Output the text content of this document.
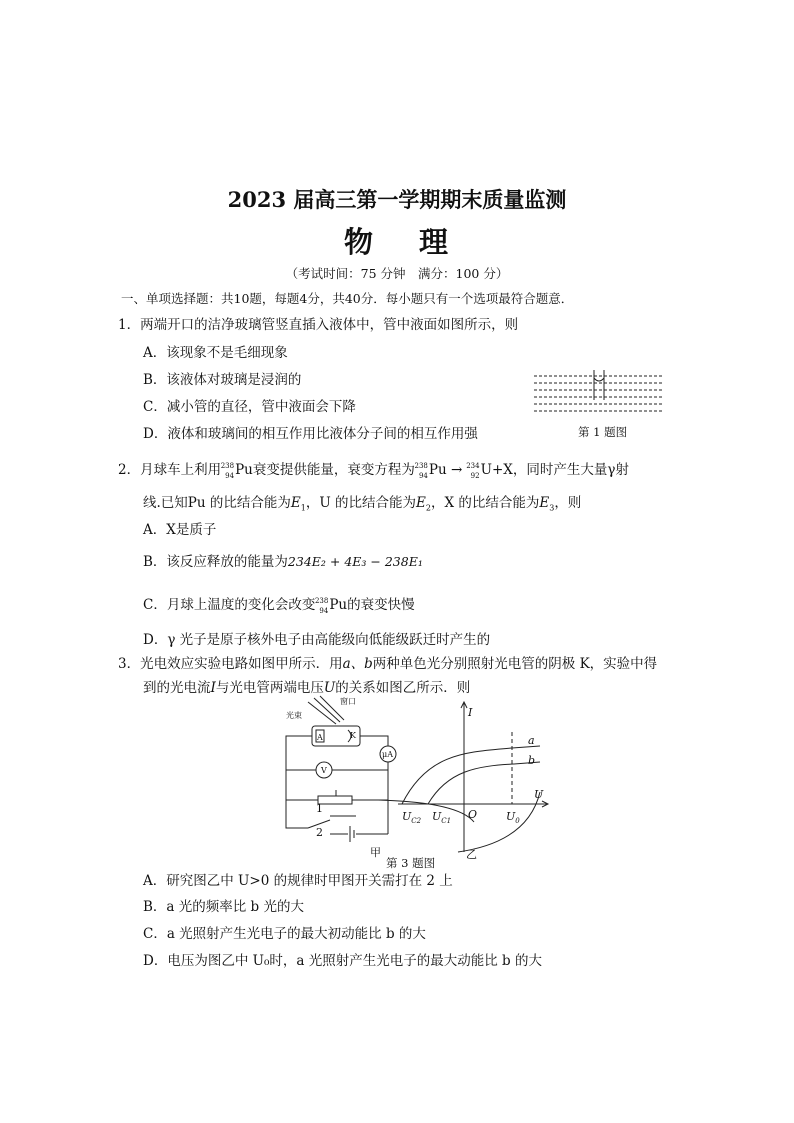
2023 届高三第一学期期末质量监测
物 理
（考试时间：75 分钟　满分：100 分）
一、单项选择题：共10题，每题4分，共40分．每小题只有一个选项最符合题意．
1．两端开口的洁净玻璃管竖直插入液体中，管中液面如图所示，则
A．该现象不是毛细现象
B．该液体对玻璃是浸润的
C．减小管的直径，管中液面会下降
D．液体和玻璃间的相互作用比液体分子间的相互作用强	第 1 题图
2．月球车上利用 238
94 Pu衰变提供能量，衰变方程为 238
94 Pu → 234
92 U+X，同时产生大量γ射
线.已知Pu 的比结合能为$E_1$，U 的比结合能为$E_2$，X 的比结合能为$E_3$，则
A．X是质子
B．该反应释放的能量为234E₂ + 4E₃ − 238E₁
C．月球上温度的变化会改变 238
94 Pu的衰变快慢
D．γ 光子是原子核外电子由高能级向低能级跃迁时产生的
3．光电效应实验电路如图甲所示．用a、b两种单色光分别照射光电管的阴极 K，实验中得
到的光电流I与光电管两端电压U的关系如图乙所示．则
窗口
光束
A	K
μA
V
1
2
甲	乙
I
U
a
b
$U_{C2}$ $U_{C1}$ O	$U_0$
第 3 题图
A．研究图乙中 U>0 的规律时甲图开关需打在 2 上
B．a 光的频率比 b 光的大
C．a 光照射产生光电子的最大初动能比 b 的大
D．电压为图乙中 U₀时，a 光照射产生光电子的最大动能比 b 的大
